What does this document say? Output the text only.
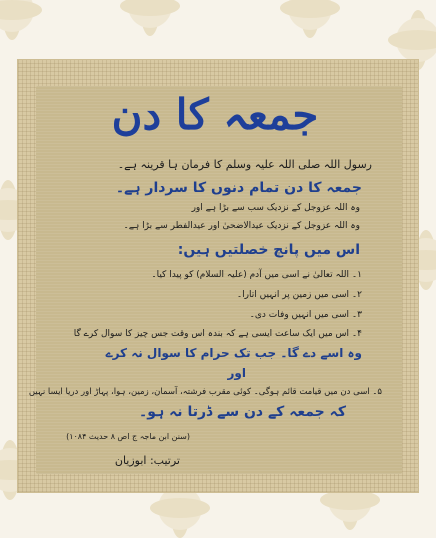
جمعہ کا دن
رسول اللہ صلی اللہ علیہ وسلم کا فرمان ہا قرینہ ہے۔
جمعہ کا دن تمام دنوں کا سردار ہے۔
وہ اللہ عزوجل کے نزدیک سب سے بڑا ہے اور
وہ اللہ عزوجل کے نزدیک عیدالاضحیٰ اور عیدالفطر سے بڑا ہے۔
اس میں پانچ خصلتیں ہیں:
۱۔ اللہ تعالیٰ نے اسی میں آدم (علیہ السلام) کو پیدا کیا۔
۲۔ اسی میں زمین پر انہیں اتارا۔
۳۔ اسی میں انہیں وفات دی۔
۴۔ اس میں ایک ساعت ایسی ہے کہ بندہ اس وقت جس چیز کا سوال کرے گا
وہ اسے دے گا۔ جب تک حرام کا سوال نہ کرے
اور
۵۔ اسی دن میں قیامت قائم ہوگی۔ کوئی مقرب فرشتہ، آسمان، زمین، ہوا، پہاڑ اور دریا ایسا نہیں
کہ جمعہ کے دن سے ڈرتا نہ ہو۔
(سنن ابن ماجہ ج اص ۸ حدیث ۱۰۸۴)
ترتیب: ابوزیان
